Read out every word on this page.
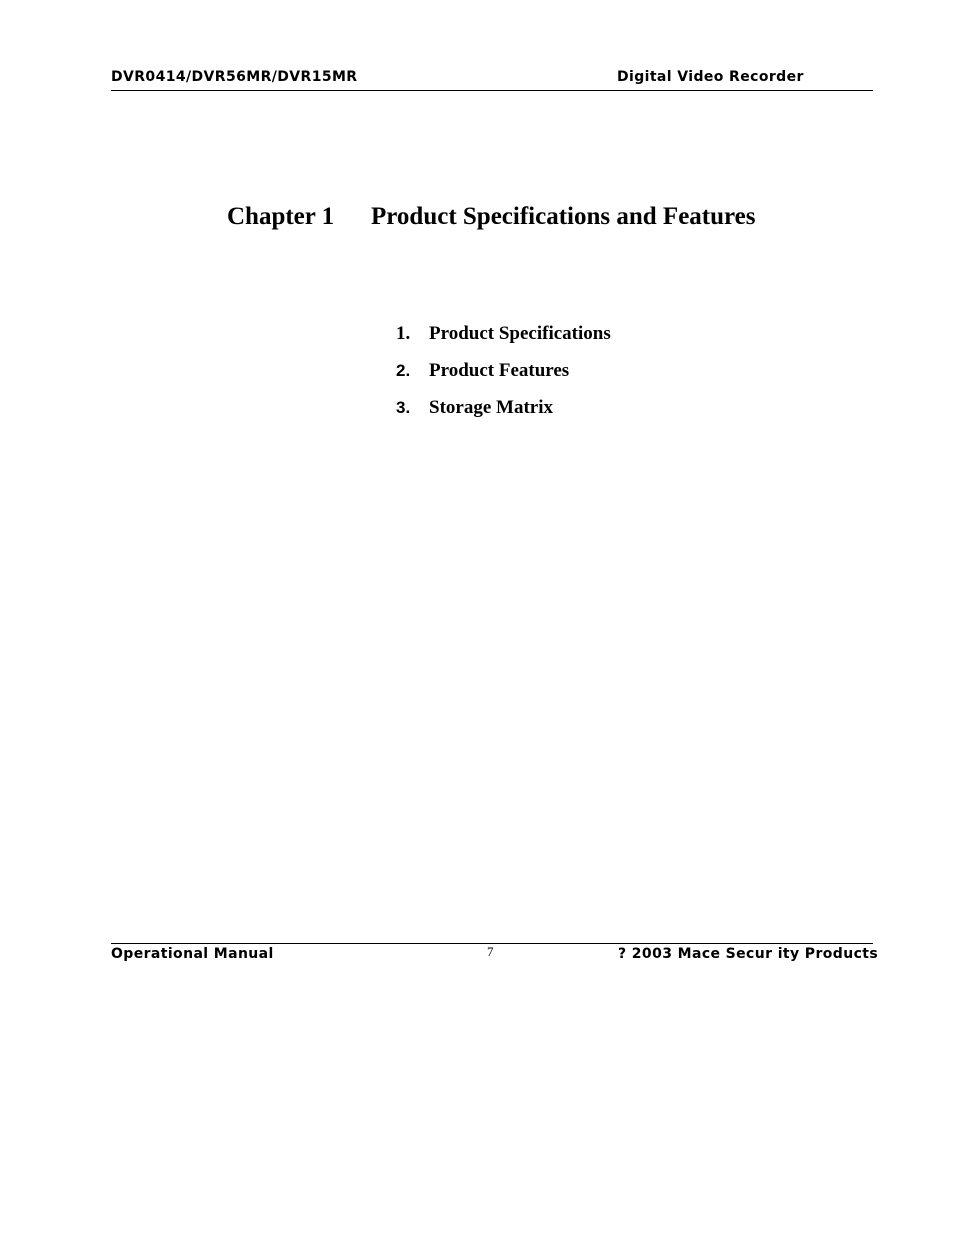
DVR0414/DVR56MR/DVR15MR	Digital Video Recorder
Chapter 1 Product Specifications and Features
1. Product Specifications
2. Product Features
3. Storage Matrix
Operational Manual	7	? 2003 Mace Secur ity Products
